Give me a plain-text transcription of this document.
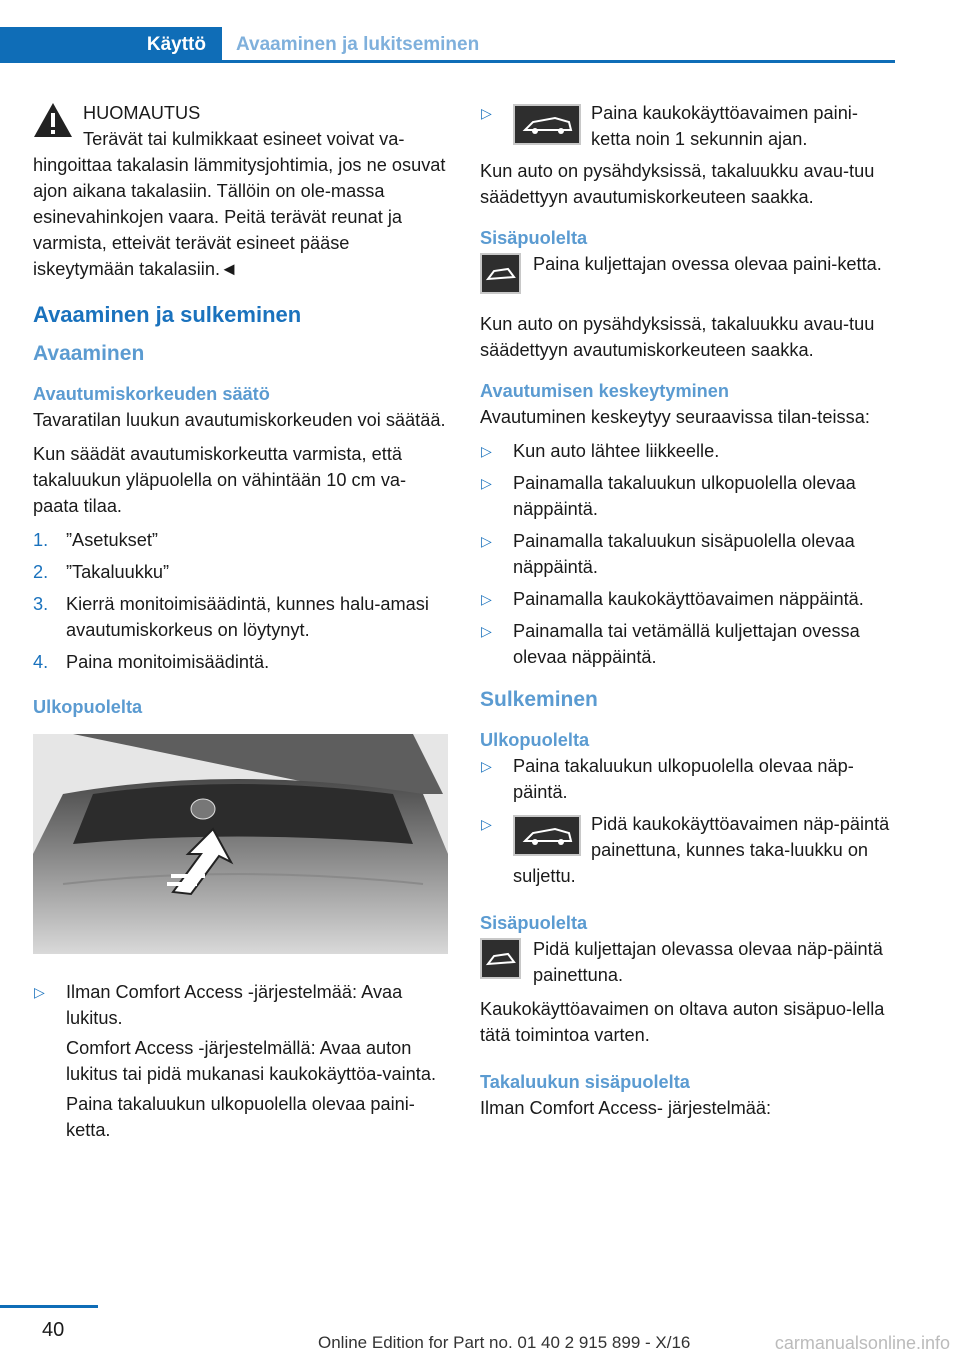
Käyttö Avaaminen ja lukitseminen
HUOMAUTUS
Terävät tai kulmikkaat esineet voivat va-
hingoittaa takalasin lämmitysjohtimia, jos ne osuvat ajon aikana takalasiin. Tällöin on ole-massa esinevahinkojen vaara. Peitä terävät reunat ja varmista, etteivät terävät esineet pääse iskeytymään takalasiin.◄
Avaaminen ja sulkeminen
Avaaminen
Avautumiskorkeuden säätö
Tavaratilan luukun avautumiskorkeuden voi säätää.
Kun säädät avautumiskorkeutta varmista, että takaluukun yläpuolella on vähintään 10 cm va-paata tilaa.
1. ”Asetukset”
2. ”Takaluukku”
3. Kierrä monitoimisäädintä, kunnes halu-amasi avautumiskorkeus on löytynyt.
4. Paina monitoimisäädintä.
Ulkopuolelta
▷ Ilman Comfort Access -järjestelmää: Avaa lukitus.
Comfort Access -järjestelmällä: Avaa auton lukitus tai pidä mukanasi kaukokäyttöa-vainta.
Paina takaluukun ulkopuolella olevaa paini-ketta.
▷	Paina kaukokäyttöavaimen paini-ketta noin 1 sekunnin ajan.
Kun auto on pysähdyksissä, takaluukku avau-tuu säädettyyn avautumiskorkeuteen saakka.
Sisäpuolelta
Paina kuljettajan ovessa olevaa paini-ketta.
Kun auto on pysähdyksissä, takaluukku avau-tuu säädettyyn avautumiskorkeuteen saakka.
Avautumisen keskeytyminen
Avautuminen keskeytyy seuraavissa tilan-teissa:
▷ Kun auto lähtee liikkeelle.
▷ Painamalla takaluukun ulkopuolella olevaa näppäintä.
▷ Painamalla takaluukun sisäpuolella olevaa näppäintä.
▷ Painamalla kaukokäyttöavaimen näppäintä.
▷ Painamalla tai vetämällä kuljettajan ovessa olevaa näppäintä.
Sulkeminen
Ulkopuolelta
▷ Paina takaluukun ulkopuolella olevaa näp-päintä.
▷	Pidä kaukokäyttöavaimen näp-päintä painettuna, kunnes taka-luukku on suljettu.
Sisäpuolelta
Pidä kuljettajan olevassa olevaa näp-päintä painettuna.
Kaukokäyttöavaimen on oltava auton sisäpuo-lella tätä toimintoa varten.
Takaluukun sisäpuolelta
Ilman Comfort Access- järjestelmää:
40
Online Edition for Part no. 01 40 2 915 899 - X/16	carmanualsonline.info
